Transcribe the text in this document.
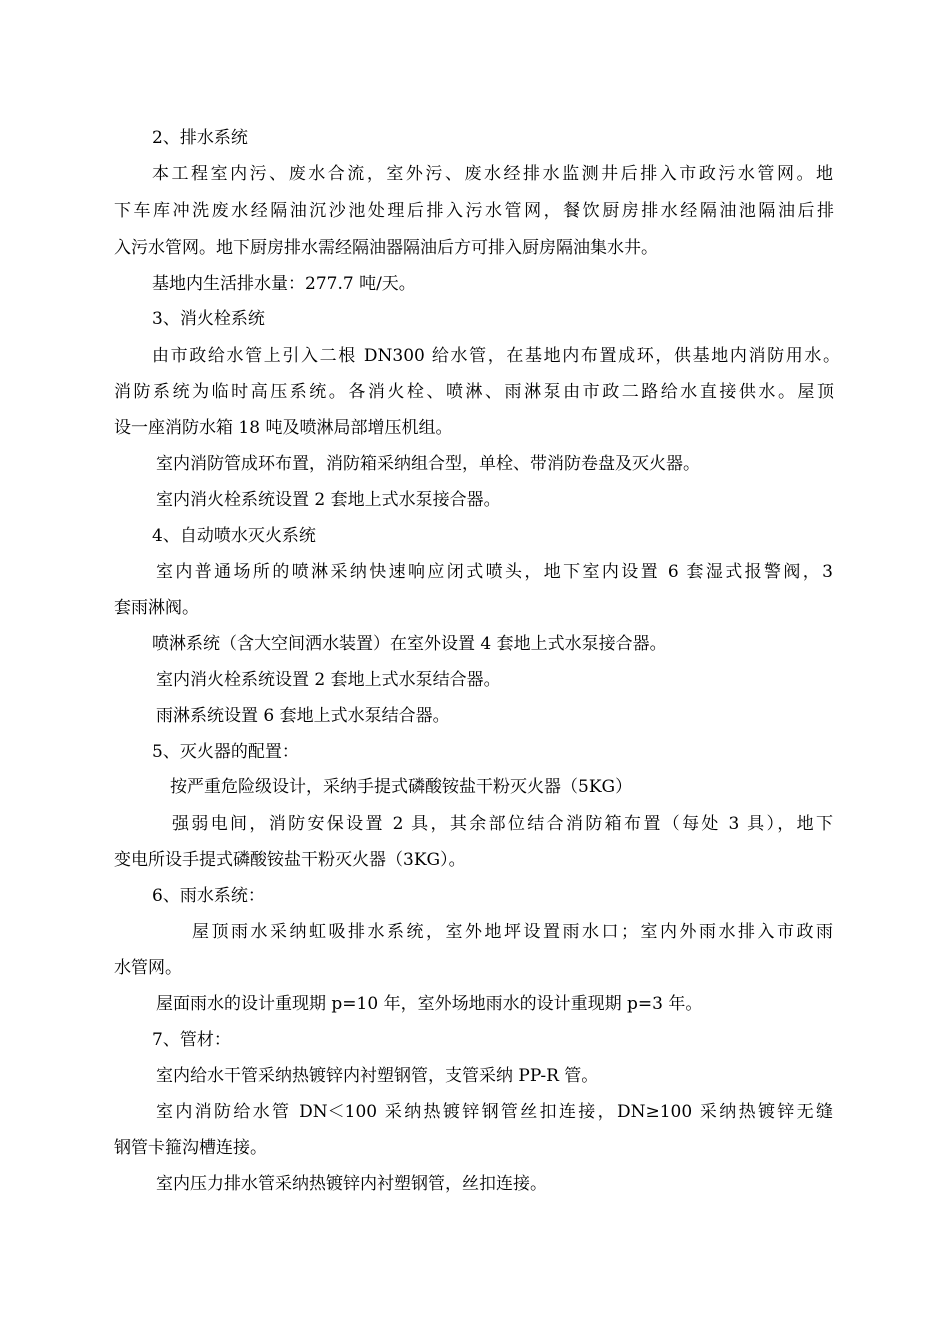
2、排水系统
本工程室内污、废水合流，室外污、废水经排水监测井后排入市政污水管网。地
下车库冲洗废水经隔油沉沙池处理后排入污水管网，餐饮厨房排水经隔油池隔油后排
入污水管网。地下厨房排水需经隔油器隔油后方可排入厨房隔油集水井。
基地内生活排水量：277.7 吨/天。
3、消火栓系统
由市政给水管上引入二根 DN300 给水管，在基地内布置成环，供基地内消防用水。
消防系统为临时高压系统。各消火栓、喷淋、雨淋泵由市政二路给水直接供水。屋顶
设一座消防水箱 18 吨及喷淋局部增压机组。
室内消防管成环布置，消防箱采纳组合型，单栓、带消防卷盘及灭火器。
室内消火栓系统设置 2 套地上式水泵接合器。
4、自动喷水灭火系统
室内普通场所的喷淋采纳快速响应闭式喷头，地下室内设置 6 套湿式报警阀，3
套雨淋阀。
喷淋系统（含大空间洒水装置）在室外设置 4 套地上式水泵接合器。
室内消火栓系统设置 2 套地上式水泵结合器。
雨淋系统设置 6 套地上式水泵结合器。
5、灭火器的配置：
按严重危险级设计，采纳手提式磷酸铵盐干粉灭火器（5KG）
强弱电间，消防安保设置 2 具，其余部位结合消防箱布置（每处 3 具），地下
变电所设手提式磷酸铵盐干粉灭火器（3KG）。
6、雨水系统：
屋顶雨水采纳虹吸排水系统，室外地坪设置雨水口；室内外雨水排入市政雨
水管网。
屋面雨水的设计重现期 p=10 年，室外场地雨水的设计重现期 p=3 年。
7、管材：
室内给水干管采纳热镀锌内衬塑钢管，支管采纳 PP-R 管。
室内消防给水管 DN＜100 采纳热镀锌钢管丝扣连接，DN≥100 采纳热镀锌无缝
钢管卡箍沟槽连接。
室内压力排水管采纳热镀锌内衬塑钢管，丝扣连接。
